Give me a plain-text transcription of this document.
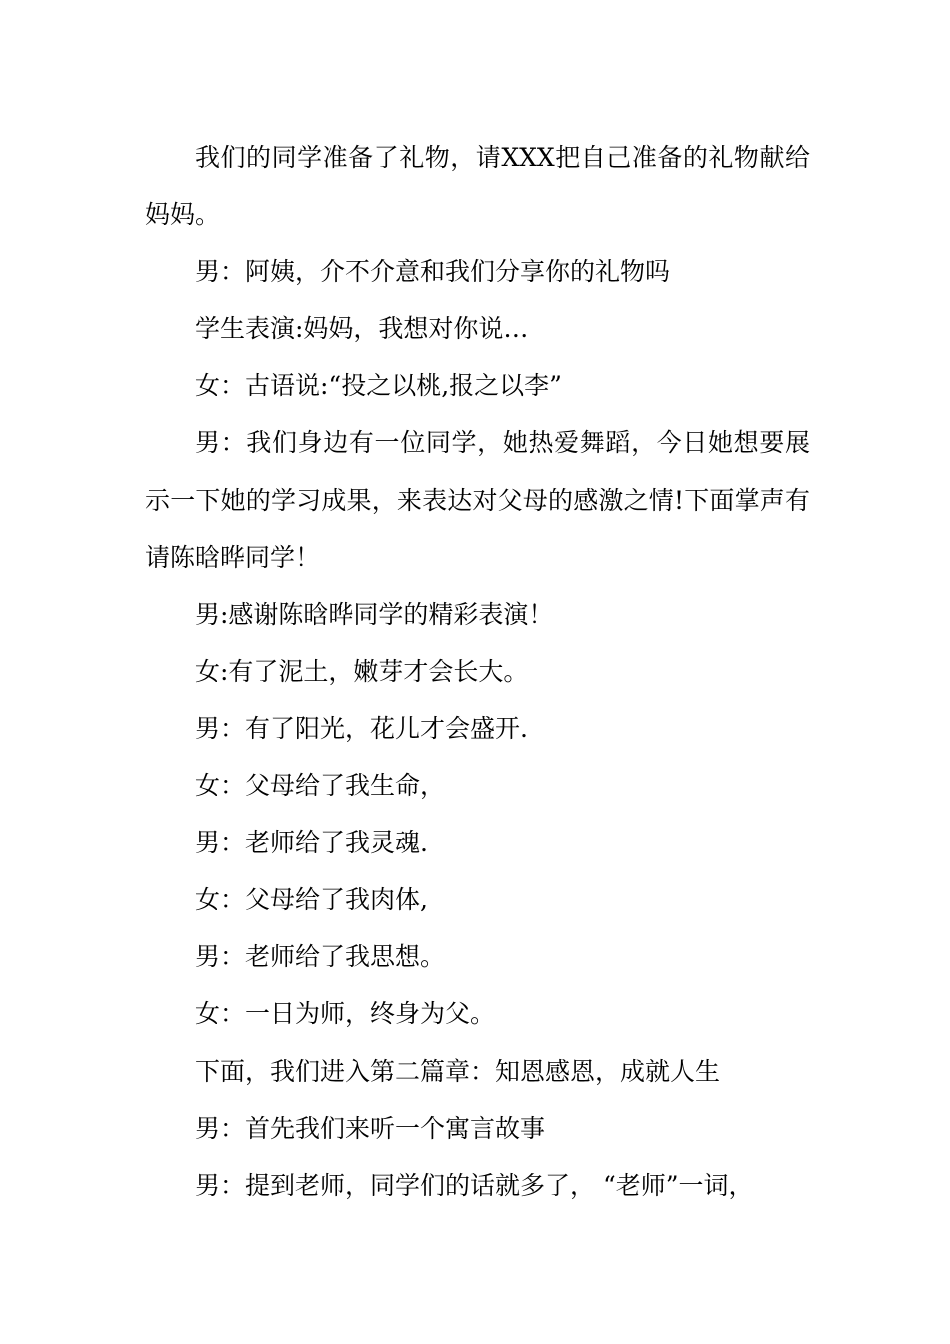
我们的同学准备了礼物，请XXX把自己准备的礼物献给妈妈。

男：阿姨，介不介意和我们分享你的礼物吗

学生表演:妈妈，我想对你说…

女：古语说:“投之以桃,报之以李”

男：我们身边有一位同学，她热爱舞蹈，今日她想要展示一下她的学习成果，来表达对父母的感激之情!下面掌声有请陈晗晔同学！

男:感谢陈晗晔同学的精彩表演！

女:有了泥土，嫩芽才会长大。

男：有了阳光，花儿才会盛开.

女：父母给了我生命，

男：老师给了我灵魂.

女：父母给了我肉体,

男：老师给了我思想。

女：一日为师，终身为父。

下面，我们进入第二篇章：知恩感恩，成就人生

男：首先我们来听一个寓言故事

男：提到老师，同学们的话就多了， “老师”一词，
